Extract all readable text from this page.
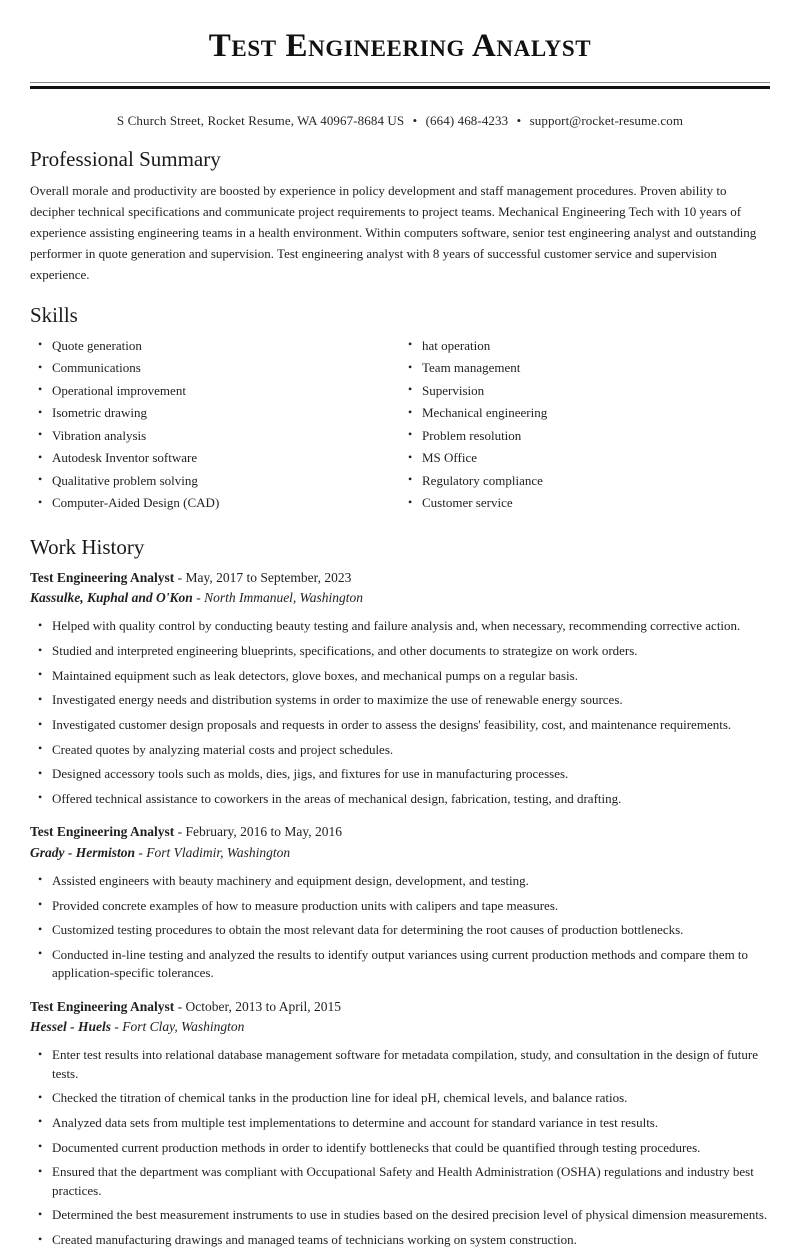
Test Engineering Analyst
S Church Street, Rocket Resume, WA 40967-8684 US • (664) 468-4233 • support@rocket-resume.com
Professional Summary

Overall morale and productivity are boosted by experience in policy development and staff management procedures. Proven ability to decipher technical specifications and communicate project requirements to project teams. Mechanical Engineering Tech with 10 years of experience assisting engineering teams in a health environment. Within computers software, senior test engineering analyst and outstanding performer in quote generation and supervision. Test engineering analyst with 8 years of successful customer service and supervision experience.

Skills
• Quote generation
• Communications
• Operational improvement
• Isometric drawing
• Vibration analysis
• Autodesk Inventor software
• Qualitative problem solving
• Computer-Aided Design (CAD)
• hat operation
• Team management
• Supervision
• Mechanical engineering
• Problem resolution
• MS Office
• Regulatory compliance
• Customer service
Work History
Test Engineering Analyst - May, 2017 to September, 2023
Kassulke, Kuphal and O'Kon - North Immanuel, Washington
• Helped with quality control by conducting beauty testing and failure analysis and, when necessary, recommending corrective action.
• Studied and interpreted engineering blueprints, specifications, and other documents to strategize on work orders.
• Maintained equipment such as leak detectors, glove boxes, and mechanical pumps on a regular basis.
• Investigated energy needs and distribution systems in order to maximize the use of renewable energy sources.
• Investigated customer design proposals and requests in order to assess the designs' feasibility, cost, and maintenance requirements.
• Created quotes by analyzing material costs and project schedules.
• Designed accessory tools such as molds, dies, jigs, and fixtures for use in manufacturing processes.
• Offered technical assistance to coworkers in the areas of mechanical design, fabrication, testing, and drafting.
Test Engineering Analyst - February, 2016 to May, 2016
Grady - Hermiston - Fort Vladimir, Washington
• Assisted engineers with beauty machinery and equipment design, development, and testing.
• Provided concrete examples of how to measure production units with calipers and tape measures.
• Customized testing procedures to obtain the most relevant data for determining the root causes of production bottlenecks.
• Conducted in-line testing and analyzed the results to identify output variances using current production methods and compare them to application-specific tolerances.
Test Engineering Analyst - October, 2013 to April, 2015
Hessel - Huels - Fort Clay, Washington
• Enter test results into relational database management software for metadata compilation, study, and consultation in the design of future tests.
• Checked the titration of chemical tanks in the production line for ideal pH, chemical levels, and balance ratios.
• Analyzed data sets from multiple test implementations to determine and account for standard variance in test results.
• Documented current production methods in order to identify bottlenecks that could be quantified through testing procedures.
• Ensured that the department was compliant with Occupational Safety and Health Administration (OSHA) regulations and industry best practices.
• Determined the best measurement instruments to use in studies based on the desired precision level of physical dimension measurements.
• Created manufacturing drawings and managed teams of technicians working on system construction.
